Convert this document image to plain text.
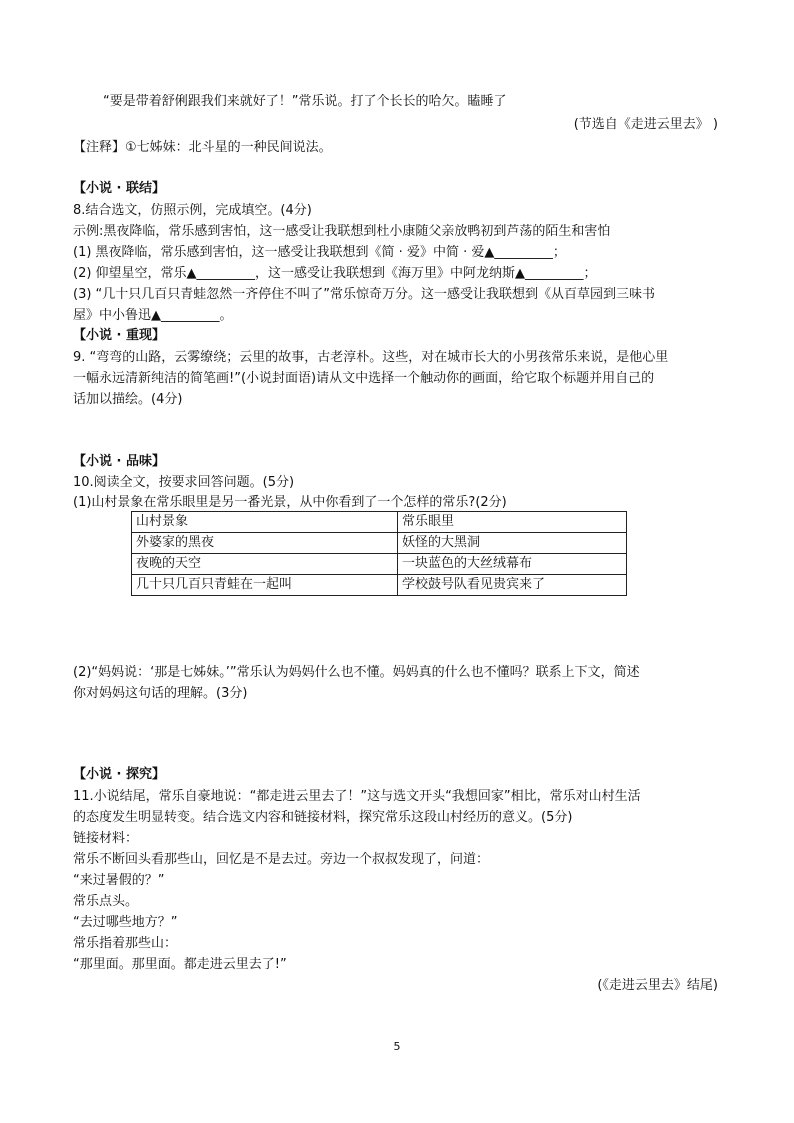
“要是带着舒俐跟我们来就好了！”常乐说。打了个长长的哈欠。瞌睡了
(节选自《走进云里去》 )
【注释】①七姊妹：北斗星的一种民间说法。
【小说 · 联结】
8.结合选文，仿照示例，完成填空。(4分)
示例:黑夜降临，常乐感到害怕，这一感受让我联想到杜小康随父亲放鸭初到芦荡的陌生和害怕
(1) 黑夜降临，常乐感到害怕，这一感受让我联想到《简 · 爱》中简 · 爱▲_________；
(2) 仰望星空，常乐▲_________，这一感受让我联想到《海万里》中阿龙纳斯▲_________；
(3) “几十只几百只青蛙忽然一齐停住不叫了”常乐惊奇万分。这一感受让我联想到《从百草园到三味书
屋》中小鲁迅▲_________。
【小说 · 重现】
9. “弯弯的山路，云雾缭绕；云里的故事，古老淳朴。这些，对在城市长大的小男孩常乐来说，是他心里
一幅永远清新纯洁的简笔画!”(小说封面语)请从文中选择一个触动你的画面，给它取个标题并用自己的
话加以描绘。(4分)
【小说 · 品味】
10.阅读全文，按要求回答问题。(5分)
(1)山村景象在常乐眼里是另一番光景，从中你看到了一个怎样的常乐?(2分)
山村景象	常乐眼里
外婆家的黑夜	妖怪的大黑洞
夜晚的天空	一块蓝色的大丝绒幕布
几十只几百只青蛙在一起叫	学校鼓号队看见贵宾来了
(2)“妈妈说：‘那是七姊妹。’”常乐认为妈妈什么也不懂。妈妈真的什么也不懂吗？联系上下文，简述
你对妈妈这句话的理解。(3分)
【小说 · 探究】
11.小说结尾，常乐自豪地说：“都走进云里去了！”这与选文开头“我想回家”相比，常乐对山村生活
的态度发生明显转变。结合选文内容和链接材料，探究常乐这段山村经历的意义。(5分)
链接材料：
常乐不断回头看那些山，回忆是不是去过。旁边一个叔叔发现了，问道：
“来过暑假的？”
常乐点头。
“去过哪些地方？”
常乐指着那些山：
“那里面。那里面。都走进云里去了!”
(《走进云里去》结尾)
5
